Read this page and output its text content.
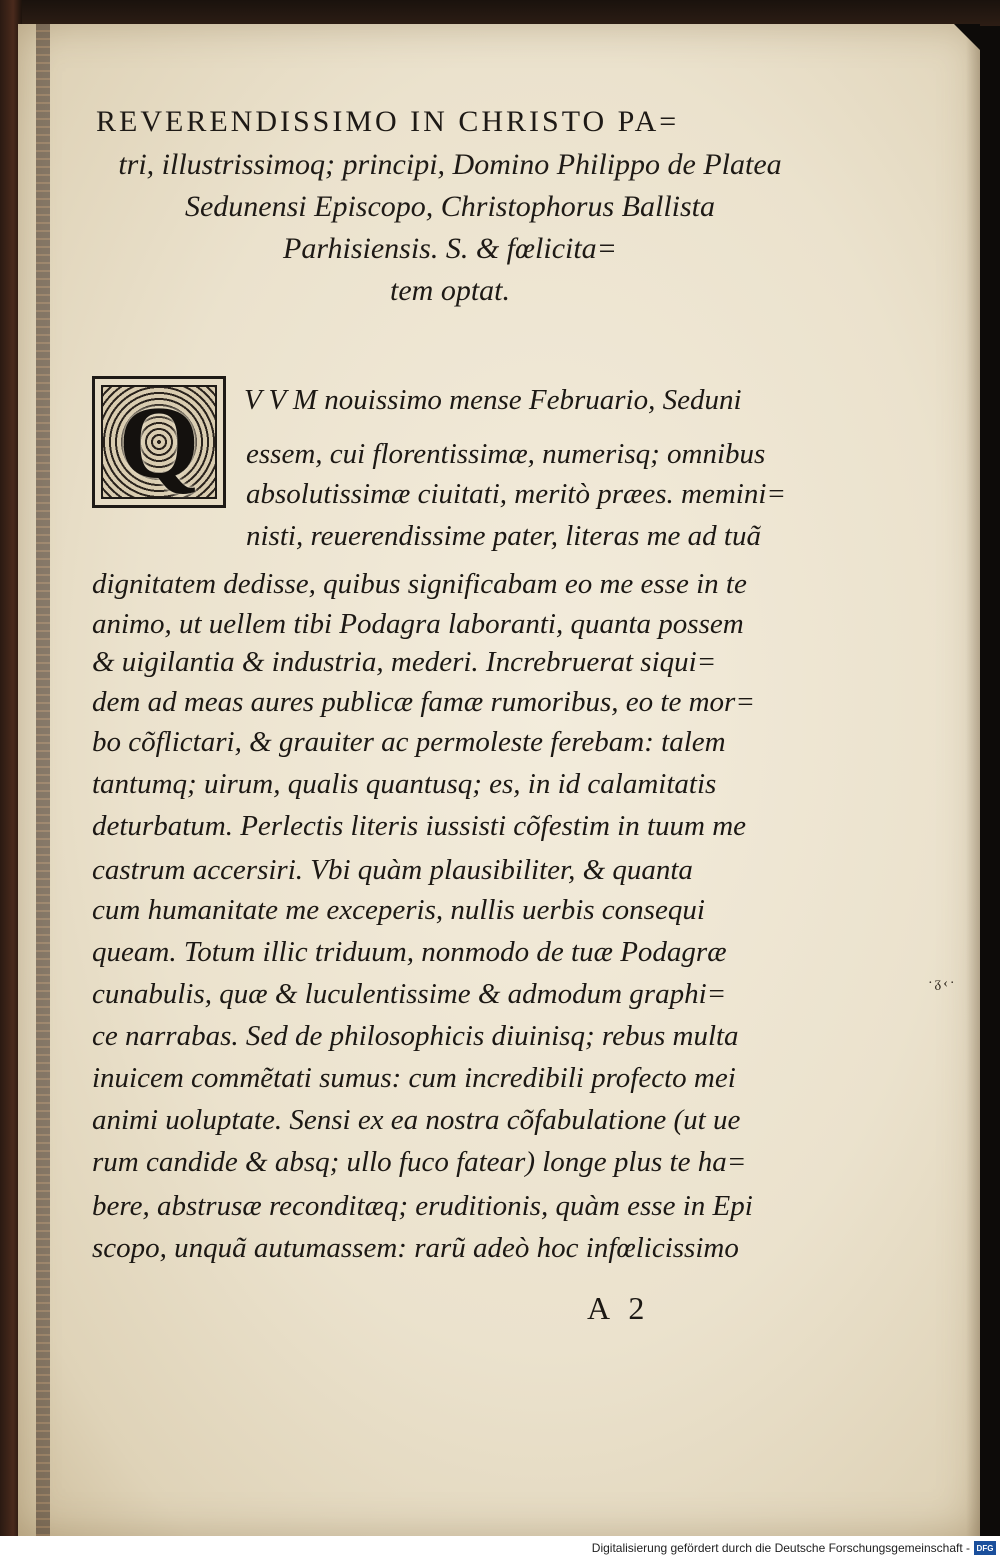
REVERENDISSIMO IN CHRISTO PA=
tri, illustrissimoq; principi, Domino Philippo de Platea
Sedunensi Episcopo, Christophorus Ballista
Parhisiensis. S. & fœlicita=
tem optat.
Q	V V M nouissimo mense Februario, Seduni
essem, cui florentissimæ, numerisq; omnibus
absolutissimæ ciuitati, meritò præes. memini=
nisti, reuerendissime pater, literas me ad tuã
dignitatem dedisse, quibus significabam eo me esse in te
animo, ut uellem tibi Podagra laboranti, quanta possem
& uigilantia & industria, mederi. Increbruerat siqui=
dem ad meas aures publicæ famæ rumoribus, eo te mor=
bo cõflictari, & grauiter ac permoleste ferebam: talem
tantumq; uirum, qualis quantusq; es, in id calamitatis
deturbatum. Perlectis literis iussisti cõfestim in tuum me
castrum accersiri. Vbi quàm plausibiliter, & quanta
cum humanitate me exceperis, nullis uerbis consequi
queam. Totum illic triduum, nonmodo de tuæ Podagræ
cunabulis, quæ & luculentissime & admodum graphi=
ce narrabas. Sed de philosophicis diuinisq; rebus multa
inuicem commẽtati sumus: cum incredibili profecto mei
animi uoluptate. Sensi ex ea nostra cõfabulatione (ut ue
rum candide & absq; ullo fuco fatear) longe plus te ha=
bere, abstrusæ reconditæq; eruditionis, quàm esse in Epi
scopo, unquã autumassem: rarũ adeò hoc infœlicissimo
·ᵹ‹·
A 2
Digitalisierung gefördert durch die Deutsche Forschungsgemeinschaft - DFG
